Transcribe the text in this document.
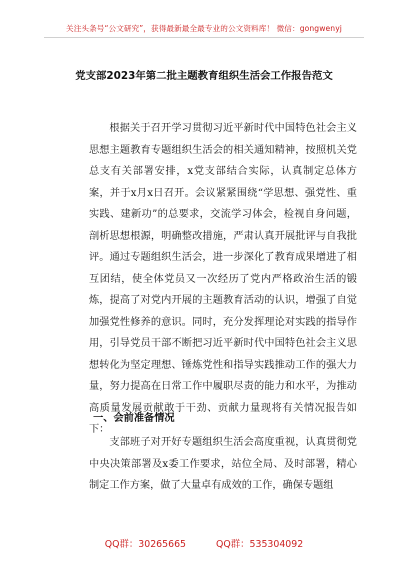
关注头条号“公文研究”，获得最新最全最专业的公文资料库！ 微信：gongwenyj
党支部2023年第二批主题教育组织生活会工作报告范文

根据关于召开学习贯彻习近平新时代中国特色社会主义思想主题教育专题组织生活会的相关通知精神，按照机关党总支有关部署安排，x党支部结合实际，认真制定总体方案，并于x月x日召开。会议紧紧围绕“学思想、强党性、重实践、建新功”的总要求，交流学习体会，检视自身问题，剖析思想根源，明确整改措施，严肃认真开展批评与自我批评。通过专题组织生活会，进一步深化了教育成果增进了相互团结，使全体党员又一次经历了党内严格政治生活的锻炼，提高了对党内开展的主题教育活动的认识，增强了自觉加强党性修养的意识。同时，充分发挥理论对实践的指导作用，引导党员干部不断把习近平新时代中国特色社会主义思想转化为坚定理想、锤炼党性和指导实践推动工作的强大力量，努力提高在日常工作中履职尽责的能力和水平，为推动高质量发展贡献敢于干劲、贡献力量现将有关情况报告如下：

一、会前准备情况

支部班子对开好专题组织生活会高度重视，认真贯彻党中央决策部署及x委工作要求，站位全局、及时部署，精心制定工作方案，做了大量卓有成效的工作，确保专题组

QQ群：30265665	QQ群：535304092
